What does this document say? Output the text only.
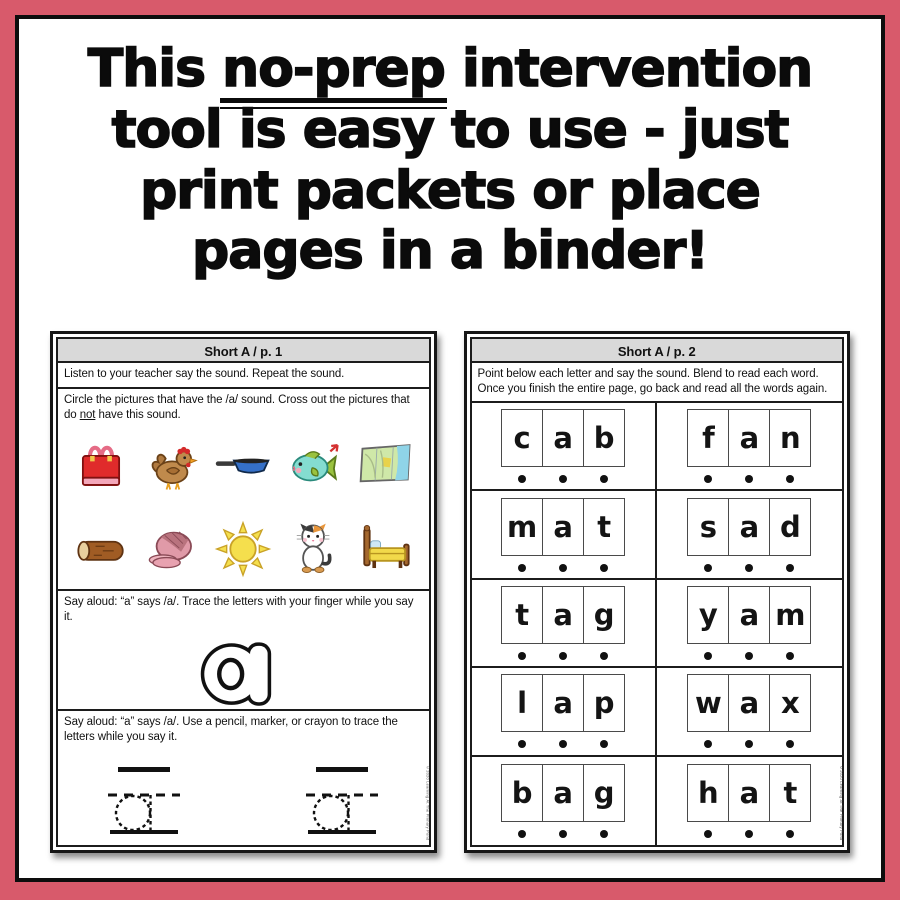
This no-prep intervention
tool is easy to use - just
print packets or place
pages in a binder!
Short A / p. 1
Listen to your teacher say the sound. Repeat the sound.
Circle the pictures that have the /a/ sound. Cross out the pictures that do not have this sound.
Say aloud: “a” says /a/. Trace the letters with your finger while you say it.
Say aloud: “a” says /a/. Use a pencil, marker, or crayon to trace the letters while you say it.
©2020 Learning At The Primary Pond
Short A / p. 2
Point below each letter and say the sound. Blend to read each word. Once you finish the entire page, go back and read all the words again.
c a b	f a n
m a t	s a d
t a g	y a m
l a p	w a x
b a g	h a t	©2020 Learning At The Primary Pond
